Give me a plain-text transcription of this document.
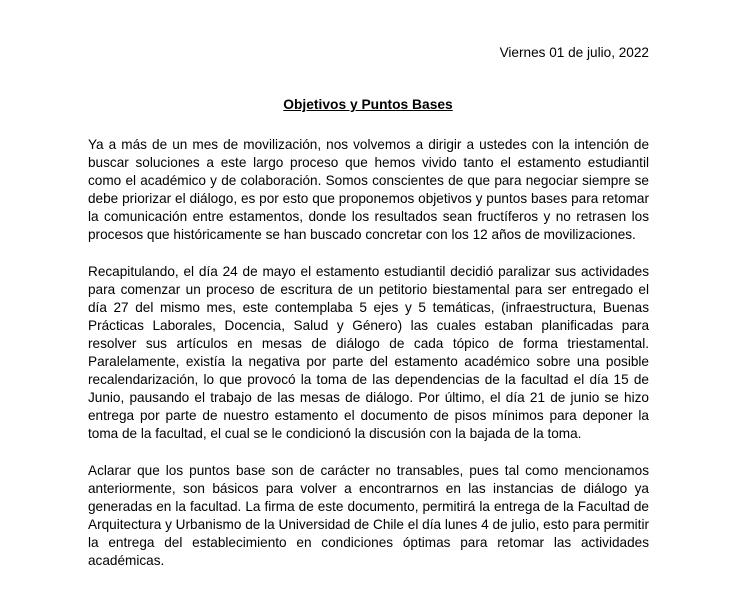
Viernes 01 de julio, 2022
Objetivos y Puntos Bases

Ya a más de un mes de movilización, nos volvemos a dirigir a ustedes con la intención de buscar soluciones a este largo proceso que hemos vivido tanto el estamento estudiantil como el académico y de colaboración. Somos conscientes de que para negociar siempre se debe priorizar el diálogo, es por esto que proponemos objetivos y puntos bases para retomar la comunicación entre estamentos, donde los resultados sean fructíferos y no retrasen los procesos que históricamente se han buscado concretar con los 12 años de movilizaciones.

Recapitulando, el día 24 de mayo el estamento estudiantil decidió paralizar sus actividades para comenzar un proceso de escritura de un petitorio biestamental para ser entregado el día 27 del mismo mes, este contemplaba 5 ejes y 5 temáticas, (infraestructura, Buenas Prácticas Laborales, Docencia, Salud y Género) las cuales estaban planificadas para resolver sus artículos en mesas de diálogo de cada tópico de forma triestamental. Paralelamente, existía la negativa por parte del estamento académico sobre una posible recalendarización, lo que provocó la toma de las dependencias de la facultad el día 15 de Junio, pausando el trabajo de las mesas de diálogo. Por último, el día 21 de junio se hizo entrega por parte de nuestro estamento el documento de pisos mínimos para deponer la toma de la facultad, el cual se le condicionó la discusión con la bajada de la toma.

Aclarar que los puntos base son de carácter no transables, pues tal como mencionamos anteriormente, son básicos para volver a encontrarnos en las instancias de diálogo ya generadas en la facultad. La firma de este documento, permitirá la entrega de la Facultad de Arquitectura y Urbanismo de la Universidad de Chile el día lunes 4 de julio, esto para permitir la entrega del establecimiento en condiciones óptimas para retomar las actividades académicas.
